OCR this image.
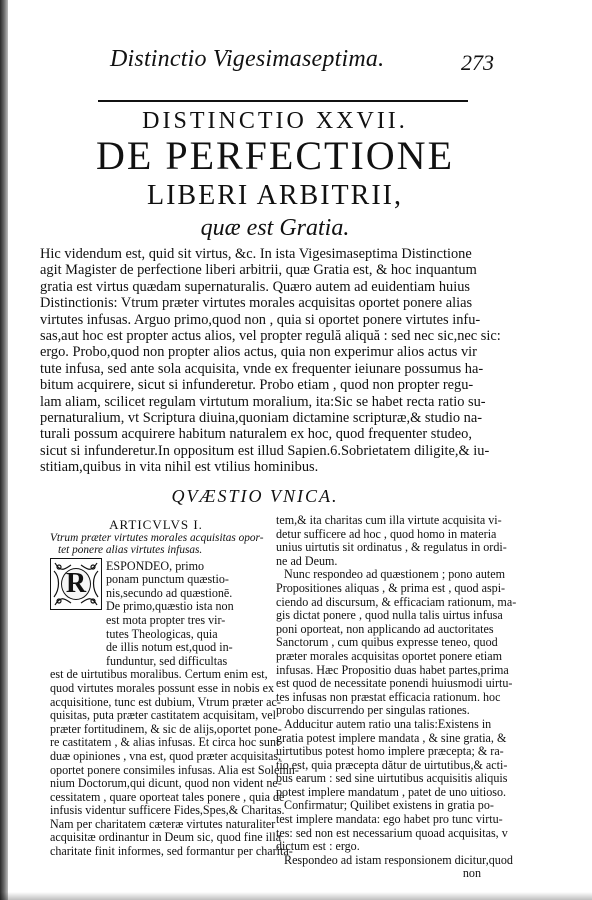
Distinctio Vigesimaseptima.	273
DISTINCTIO XXVII.
DE PERFECTIONE
LIBERI ARBITRII,
quæ est Gratia.
Hic videndum est, quid sit virtus, &c. In ista Vigesimaseptima Distinctione
agit Magister de perfectione liberi arbitrii, quæ Gratia est, & hoc inquantum
gratia est virtus quædam supernaturalis. Quæro autem ad euidentiam huius
Distinctionis: Vtrum præter virtutes morales acquisitas oportet ponere alias
virtutes infusas. Arguo primo,quod non , quia si oportet ponere virtutes infu-
sas,aut hoc est propter actus alios, vel propter regulă aliquă : sed nec sic,nec sic:
ergo. Probo,quod non propter alios actus, quia non experimur alios actus vir
tute infusa, sed ante sola acquisita, vnde ex frequenter ieiunare possumus ha-
bitum acquirere, sicut si infunderetur. Probo etiam , quod non propter regu-
lam aliam, scilicet regulam virtutum moralium, ita:Sic se habet recta ratio su-
pernaturalium, vt Scriptura diuina,quoniam dictamine scripturæ,& studio na-
turali possum acquirere habitum naturalem ex hoc, quod frequenter studeo,
sicut si infunderetur.In oppositum est illud Sapien.6.Sobrietatem diligite,& iu-
stitiam,quibus in vita nihil est vtilius hominibus.
QVÆSTIO VNICA.
ARTICVLVS I.
Vtrum præter virtutes morales acquisitas opor-
tet ponere alias virtutes infusas.
R
ESPONDEO, primo
ponam punctum quæstio-
nis,secundo ad quæstionē.
De primo,quæstio ista non
est mota propter tres vir-
tutes Theologicas, quia
de illis notum est,quod in-
funduntur, sed difficultas
est de uirtutibus moralibus. Certum enim est,
quod virtutes morales possunt esse in nobis ex
acquisitione, tunc est dubium, Vtrum præter ac-
quisitas, puta præter castitatem acquisitam, vel
præter fortitudinem, & sic de alijs,oportet pone-
re castitatem , & alias infusas. Et circa hoc sunt
duæ opiniones , vna est, quod præter acquisitas,
oportet ponere consimiles infusas. Alia est Solemn-
nium Doctorum,qui dicunt, quod non vident ne-
cessitatem , quare oporteat tales ponere , quia de
infusis videntur sufficere Fides,Spes,& Charitas.
Nam per charitatem cæteræ virtutes naturaliter
acquisitæ ordinantur in Deum sic, quod fine illa
charitate finit informes, sed formantur per charita-
tem,& ita charitas cum illa virtute acquisita vi-
detur sufficere ad hoc , quod homo in materia
unius uirtutis sit ordinatus , & regulatus in ordi-
ne ad Deum.
Nunc respondeo ad quæstionem ; pono autem
Propositiones aliquas , & prima est , quod aspi-
ciendo ad discursum, & efficaciam rationum, ma-
gis dictat ponere , quod nulla talis uirtus infusa
poni oporteat, non applicando ad auctoritates
Sanctorum , cum quibus expresse teneo, quod
præter morales acquisitas oportet ponere etiam
infusas. Hæc Propositio duas habet partes,prima
est quod de necessitate ponendi huiusmodi uirtu-
tes infusas non præstat efficacia rationum. hoc
probo discurrendo per singulas rationes.
Adducitur autem ratio una talis:Existens in
gratia potest implere mandata , & sine gratia, &
uirtutibus potest homo implere præcepta; & ra-
tio est, quia præcepta dătur de uirtutibus,& acti-
bus earum : sed sine uirtutibus acquisitis aliquis
potest implere mandatum , patet de uno uitioso.
Confirmatur; Quilibet existens in gratia po-
test implere mandata: ego habet pro tunc virtu-
tes: sed non est necessarium quoad acquisitas, v
dictum est : ergo.
Respondeo ad istam responsionem dicitur,quod
non
